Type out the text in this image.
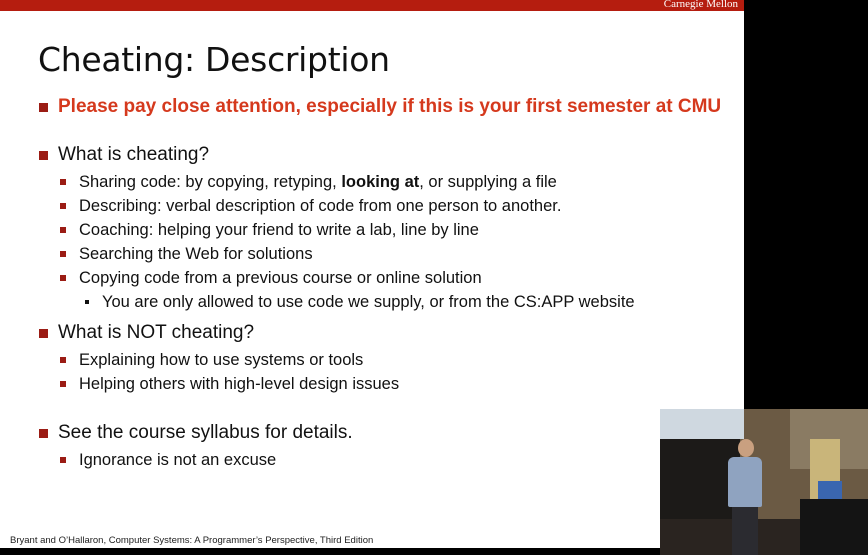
Carnegie Mellon
Cheating: Description
Please pay close attention, especially if this is your first semester at CMU
What is cheating?
Sharing code: by copying, retyping, looking at, or supplying a file
Describing: verbal description of code from one person to another.
Coaching: helping your friend to write a lab, line by line
Searching the Web for solutions
Copying code from a previous course or online solution
You are only allowed to use code we supply, or from the CS:APP website
What is NOT cheating?
Explaining how to use systems or tools
Helping others with high-level design issues
See the course syllabus for details.
Ignorance is not an excuse
Bryant and O’Hallaron, Computer Systems: A Programmer’s Perspective, Third Edition
